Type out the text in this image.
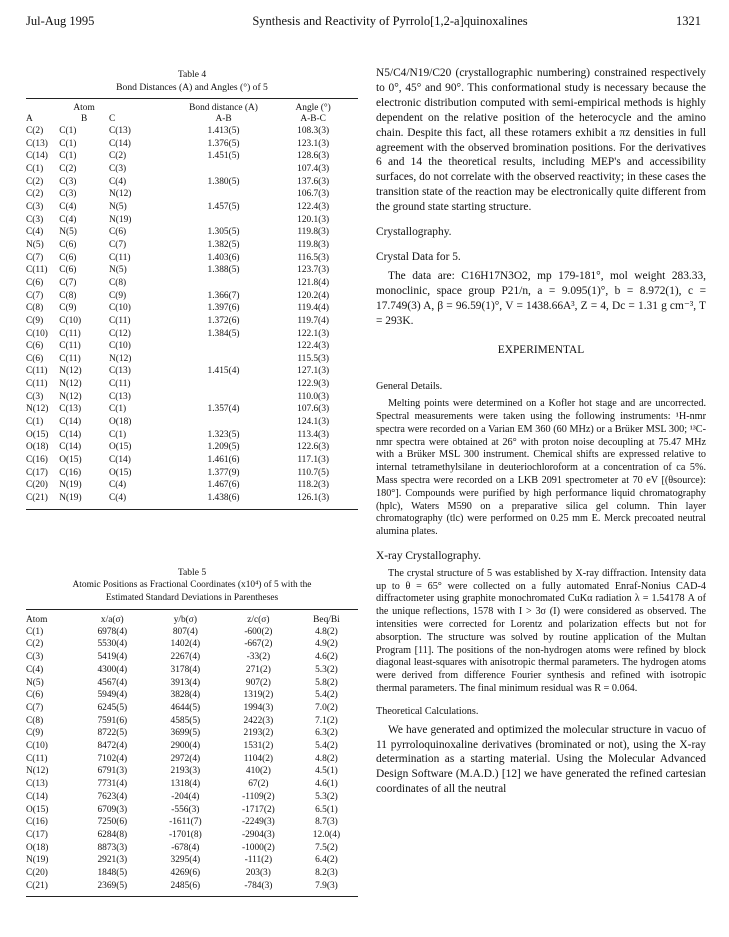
Jul-Aug 1995	Synthesis and Reactivity of Pyrrolo[1,2-a]quinoxalines	1321
Table 4
Bond Distances (A) and Angles (°) of 5
	Atom		Bond distance (A)	Angle (°)
A	B	C	A-B	A-B-C
C(2)	C(1)	C(13)	1.413(5)	108.3(3)
C(13)	C(1)	C(14)	1.376(5)	123.1(3)
C(14)	C(1)	C(2)	1.451(5)	128.6(3)
C(1)	C(2)	C(3)		107.4(3)
C(2)	C(3)	C(4)	1.380(5)	137.6(3)
C(2)	C(3)	N(12)		106.7(3)
C(3)	C(4)	N(5)	1.457(5)	122.4(3)
C(3)	C(4)	N(19)		120.1(3)
C(4)	N(5)	C(6)	1.305(5)	119.8(3)
N(5)	C(6)	C(7)	1.382(5)	119.8(3)
C(7)	C(6)	C(11)	1.403(6)	116.5(3)
C(11)	C(6)	N(5)	1.388(5)	123.7(3)
C(6)	C(7)	C(8)		121.8(4)
C(7)	C(8)	C(9)	1.366(7)	120.2(4)
C(8)	C(9)	C(10)	1.397(6)	119.4(4)
C(9)	C(10)	C(11)	1.372(6)	119.7(4)
C(10)	C(11)	C(12)	1.384(5)	122.1(3)
C(6)	C(11)	C(10)		122.4(3)
C(6)	C(11)	N(12)		115.5(3)
C(11)	N(12)	C(13)	1.415(4)	127.1(3)
C(11)	N(12)	C(11)		122.9(3)
C(3)	N(12)	C(13)		110.0(3)
N(12)	C(13)	C(1)	1.357(4)	107.6(3)
C(1)	C(14)	O(18)		124.1(3)
O(15)	C(14)	C(1)	1.323(5)	113.4(3)
O(18)	C(14)	O(15)	1.209(5)	122.6(3)
C(16)	O(15)	C(14)	1.461(6)	117.1(3)
C(17)	C(16)	O(15)	1.377(9)	110.7(5)
C(20)	N(19)	C(4)	1.467(6)	118.2(3)
C(21)	N(19)	C(4)	1.438(6)	126.1(3)
Table 5
Atomic Positions as Fractional Coordinates (x10⁴) of 5 with the
Estimated Standard Deviations in Parentheses
Atom	x/a(σ)	y/b(σ)	z/c(σ)	Beq/Bi
C(1)	6978(4)	807(4)	-600(2)	4.8(2)
C(2)	5530(4)	1402(4)	-667(2)	4.9(2)
C(3)	5419(4)	2267(4)	-33(2)	4.6(2)
C(4)	4300(4)	3178(4)	271(2)	5.3(2)
N(5)	4567(4)	3913(4)	907(2)	5.8(2)
C(6)	5949(4)	3828(4)	1319(2)	5.4(2)
C(7)	6245(5)	4644(5)	1994(3)	7.0(2)
C(8)	7591(6)	4585(5)	2422(3)	7.1(2)
C(9)	8722(5)	3699(5)	2193(2)	6.3(2)
C(10)	8472(4)	2900(4)	1531(2)	5.4(2)
C(11)	7102(4)	2972(4)	1104(2)	4.8(2)
N(12)	6791(3)	2193(3)	410(2)	4.5(1)
C(13)	7731(4)	1318(4)	67(2)	4.6(1)
C(14)	7623(4)	-204(4)	-1109(2)	5.3(2)
O(15)	6709(3)	-556(3)	-1717(2)	6.5(1)
C(16)	7250(6)	-1611(7)	-2249(3)	8.7(3)
C(17)	6284(8)	-1701(8)	-2904(3)	12.0(4)
O(18)	8873(3)	-678(4)	-1000(2)	7.5(2)
N(19)	2921(3)	3295(4)	-111(2)	6.4(2)
C(20)	1848(5)	4269(6)	203(3)	8.2(3)
C(21)	2369(5)	2485(6)	-784(3)	7.9(3)

N5/C4/N19/C20 (crystallographic numbering) constrained respectively to 0°, 45° and 90°. This conformational study is necessary because the electronic distribution computed with semi-empirical methods is highly dependent on the relative position of the heterocycle and the amino chain. Despite this fact, all these rotamers exhibit a πz densities in full agreement with the observed bromination positions. For the derivatives 6 and 14 the theoretical results, including MEP's and accessibility surfaces, do not correlate with the observed reactivity; in these cases the transition state of the reaction may be electronically quite different from the ground state starting structure.

Crystallography.
Crystal Data for 5.

The data are: C16H17N3O2, mp 179-181°, mol weight 283.33, monoclinic, space group P21/n, a = 9.095(1)°, b = 8.972(1), c = 17.749(3) A, β = 96.59(1)°, V = 1438.66A³, Z = 4, Dc = 1.31 g cm⁻³, T = 293K.

EXPERIMENTAL
General Details.

Melting points were determined on a Kofler hot stage and are uncorrected. Spectral measurements were taken using the following instruments: ¹H-nmr spectra were recorded on a Varian EM 360 (60 MHz) or a Brüker MSL 300; ¹³C-nmr spectra were obtained at 26° with proton noise decoupling at 75.47 MHz with a Brüker MSL 300 instrument. Chemical shifts are expressed relative to internal tetramethylsilane in deuteriochloroform at a concentration of ca 5%. Mass spectra were recorded on a LKB 2091 spectrometer at 70 eV [(θsource): 180°]. Compounds were purified by high performance liquid chromatography (hplc), Waters M590 on a preparative silica gel column. Thin layer chromatography (tlc) were performed on 0.25 mm E. Merck precoated neutral alumina plates.

X-ray Crystallography.

The crystal structure of 5 was established by X-ray diffraction. Intensity data up to θ = 65° were collected on a fully automated Enraf-Nonius CAD-4 diffractometer using graphite monochromated CuKα radiation λ = 1.54178 A of the unique reflections, 1578 with I > 3σ (I) were considered as observed. The intensities were corrected for Lorentz and polarization effects but not for absorption. The structure was solved by routine application of the Multan Program [11]. The positions of the non-hydrogen atoms were refined by block diagonal least-squares with anisotropic thermal parameters. The hydrogen atoms were derived from difference Fourier synthesis and refined with isotropic thermal parameters. The final minimum residual was R = 0.064.

Theoretical Calculations.

We have generated and optimized the molecular structure in vacuo of 11 pyrroloquinoxaline derivatives (brominated or not), using the X-ray determination as a starting material. Using the Molecular Advanced Design Software (M.A.D.) [12] we have generated the refined cartesian coordinates of all the neutral
